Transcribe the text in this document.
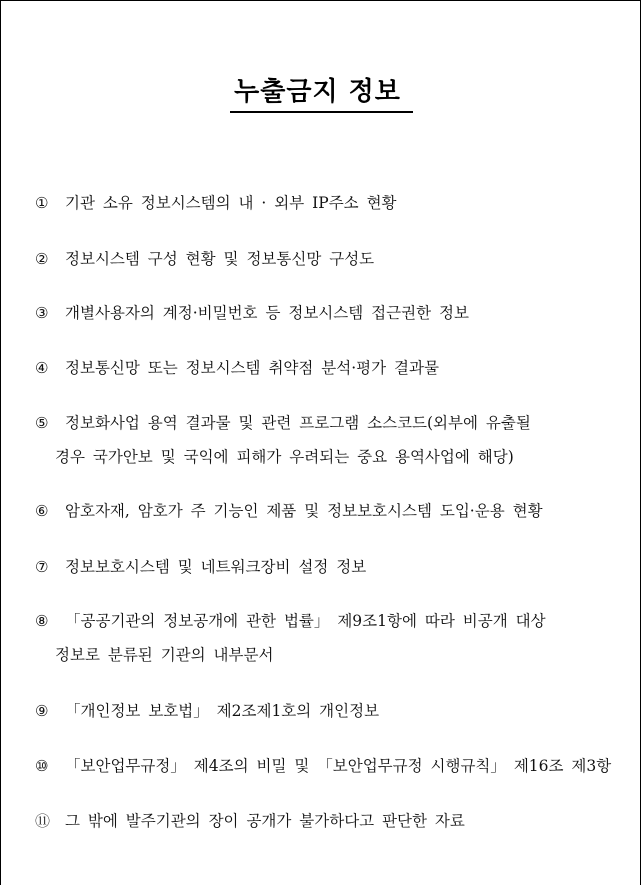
누출금지 정보
① 기관 소유 정보시스템의 내 · 외부 IP주소 현황
② 정보시스템 구성 현황 및 정보통신망 구성도
③ 개별사용자의 계정·비밀번호 등 정보시스템 접근권한 정보
④ 정보통신망 또는 정보시스템 취약점 분석·평가 결과물
⑤ 정보화사업 용역 결과물 및 관련 프로그램 소스코드(외부에 유출될
경우 국가안보 및 국익에 피해가 우려되는 중요 용역사업에 해당)
⑥ 암호자재, 암호가 주 기능인 제품 및 정보보호시스템 도입·운용 현황
⑦ 정보보호시스템 및 네트워크장비 설정 정보
⑧ 「공공기관의 정보공개에 관한 법률」 제9조1항에 따라 비공개 대상
정보로 분류된 기관의 내부문서
⑨ 「개인정보 보호법」 제2조제1호의 개인정보
⑩ 「보안업무규정」 제4조의 비밀 및 「보안업무규정 시행규칙」 제16조 제3항
⑪ 그 밖에 발주기관의 장이 공개가 불가하다고 판단한 자료
